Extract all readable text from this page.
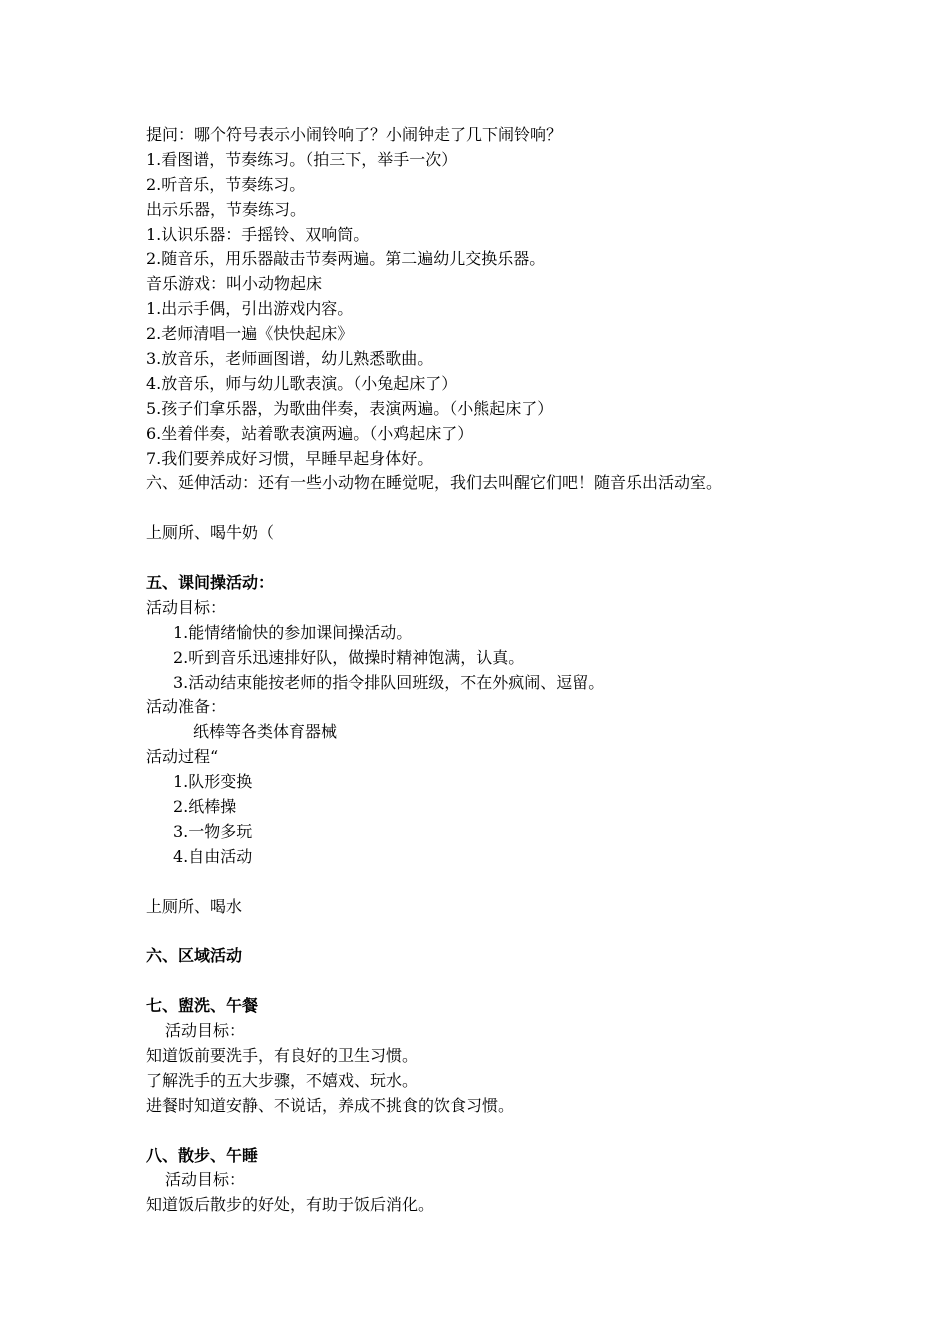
提问：哪个符号表示小闹铃响了？小闹钟走了几下闹铃响？
1.看图谱，节奏练习。（拍三下，举手一次）
2.听音乐，节奏练习。
出示乐器，节奏练习。
1.认识乐器：手摇铃、双响筒。
2.随音乐，用乐器敲击节奏两遍。第二遍幼儿交换乐器。
音乐游戏：叫小动物起床
1.出示手偶，引出游戏内容。
2.老师清唱一遍《快快起床》
3.放音乐，老师画图谱，幼儿熟悉歌曲。
4.放音乐，师与幼儿歌表演。（小兔起床了）
5.孩子们拿乐器，为歌曲伴奏，表演两遍。（小熊起床了）
6.坐着伴奏，站着歌表演两遍。（小鸡起床了）
7.我们要养成好习惯，早睡早起身体好。
六、延伸活动：还有一些小动物在睡觉呢，我们去叫醒它们吧！随音乐出活动室。
上厕所、喝牛奶（
五、课间操活动：
活动目标：
1.能情绪愉快的参加课间操活动。
2.听到音乐迅速排好队，做操时精神饱满，认真。
3.活动结束能按老师的指令排队回班级，不在外疯闹、逗留。
活动准备：
纸棒等各类体育器械
活动过程“
1.队形变换
2.纸棒操
3.一物多玩
4.自由活动
上厕所、喝水
六、区域活动
七、盥洗、午餐
活动目标：
知道饭前要洗手，有良好的卫生习惯。
了解洗手的五大步骤，不嬉戏、玩水。
进餐时知道安静、不说话，养成不挑食的饮食习惯。
八、散步、午睡
活动目标：
知道饭后散步的好处，有助于饭后消化。
